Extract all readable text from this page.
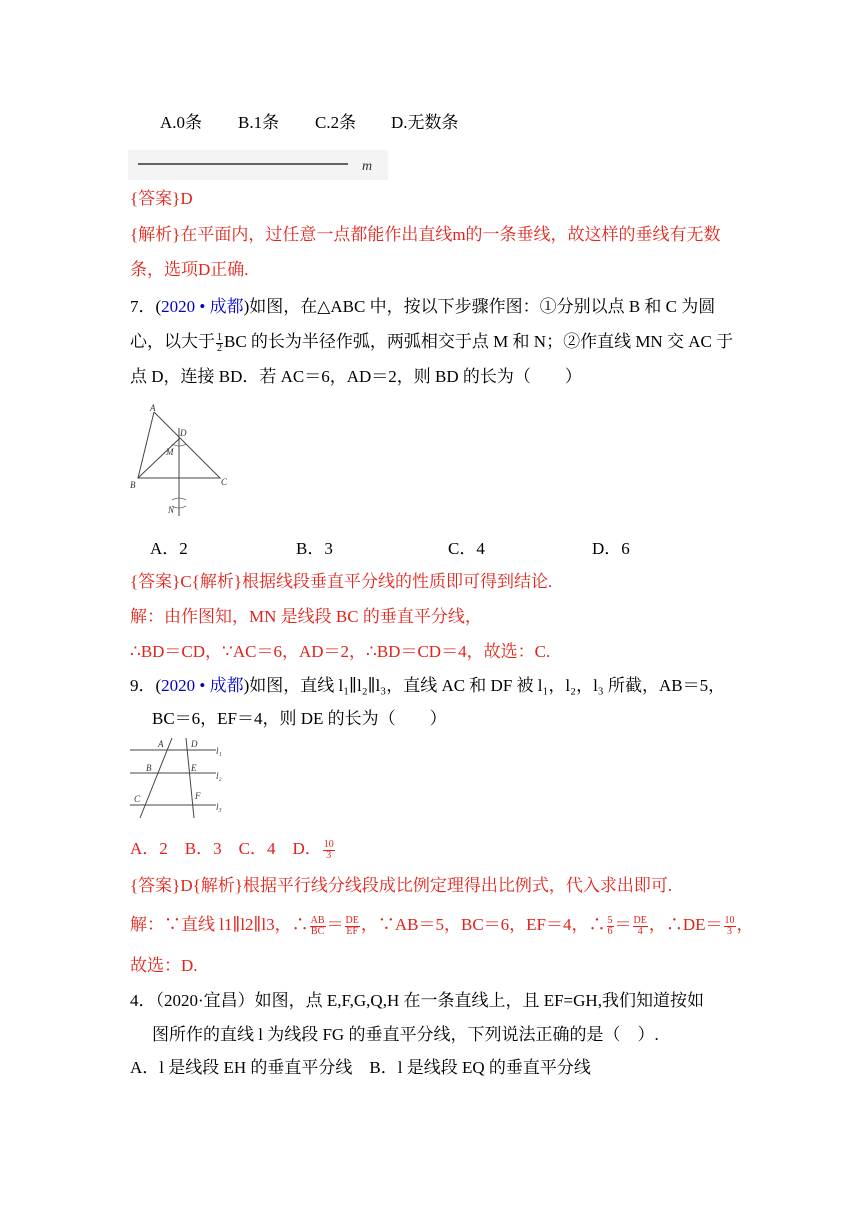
A.0条 B.1条 C.2条 D.无数条
m
{答案}D
{解析}在平面内，过任意一点都能作出直线m的一条垂线，故这样的垂线有无数
条，选项D正确.
7．(2020 • 成都)如图，在△ABC 中，按以下步骤作图：①分别以点 B 和 C 为圆
心，以大于 $\frac{1}{2}$ BC 的长为半径作弧，两弧相交于点 M 和 N；②作直线 MN 交 AC 于
点 D，连接 BD．若 AC＝6，AD＝2，则 BD 的长为（　　）
A
D
M
B	C
N
A．2	B．3	C．4	D．6
{答案}C{解析}根据线段垂直平分线的性质即可得到结论.
解：由作图知，MN 是线段 BC 的垂直平分线，
∴BD＝CD，∵AC＝6，AD＝2，∴BD＝CD＝4，故选：C.
9．(2020 • 成都)如图，直线 l₁∥l₂∥l₃，直线 AC 和 DF 被 l₁，l₂，l₃ 所截，AB＝5，
BC＝6，EF＝4，则 DE 的长为（　　）
A	D
B	E
C	F
l₁
l₂
l₃
A．2　B．3　C．4　D． $\frac{10}{3}$
{答案}D{解析}根据平行线分线段成比例定理得出比例式，代入求出即可.
解：∵直线 l1∥l2∥l3，∴ $\frac{AB}{BC} = \frac{DE}{EF}$ ，∵AB＝5，BC＝6，EF＝4，∴ $\frac{5}{6} = \frac{DE}{4}$ ，∴DE＝ $\frac{10}{3}$ ，
故选：D.
4．（2020·宜昌）如图，点 E,F,G,Q,H 在一条直线上，且 EF=GH,我们知道按如
图所作的直线 l 为线段 FG 的垂直平分线，下列说法正确的是（　）.
A．l 是线段 EH 的垂直平分线　B．l 是线段 EQ 的垂直平分线
